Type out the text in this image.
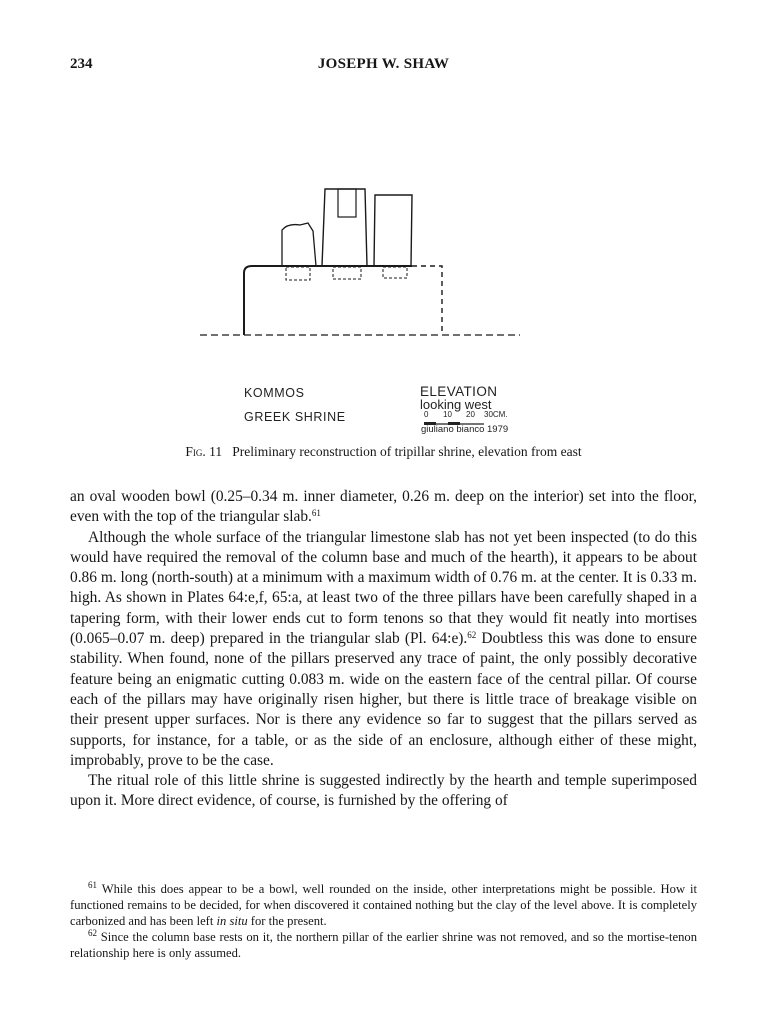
234	JOSEPH W. SHAW
KOMMOS
GREEK SHRINE
ELEVATION
looking west
0 10 20 30CM.
giuliano bianco 1979
Fig. 11 Preliminary reconstruction of tripillar shrine, elevation from east

an oval wooden bowl (0.25–0.34 m. inner diameter, 0.26 m. deep on the interior) set into the floor, even with the top of the triangular slab.$^{61}$

Although the whole surface of the triangular limestone slab has not yet been inspected (to do this would have required the removal of the column base and much of the hearth), it appears to be about 0.86 m. long (north-south) at a minimum with a maximum width of 0.76 m. at the center. It is 0.33 m. high. As shown in Plates 64:e,f, 65:a, at least two of the three pillars have been carefully shaped in a tapering form, with their lower ends cut to form tenons so that they would fit neatly into mortises (0.065–0.07 m. deep) prepared in the triangular slab (Pl. 64:e).$^{62}$ Doubtless this was done to ensure stability. When found, none of the pillars preserved any trace of paint, the only possibly decorative feature being an enigmatic cutting 0.083 m. wide on the eastern face of the central pillar. Of course each of the pillars may have originally risen higher, but there is little trace of breakage visible on their present upper surfaces. Nor is there any evidence so far to suggest that the pillars served as supports, for instance, for a table, or as the side of an enclosure, although either of these might, improbably, prove to be the case.

The ritual role of this little shrine is suggested indirectly by the hearth and temple superimposed upon it. More direct evidence, of course, is furnished by the offering of

$^{61}$ While this does appear to be a bowl, well rounded on the inside, other interpretations might be possible. How it functioned remains to be decided, for when discovered it contained nothing but the clay of the level above. It is completely carbonized and has been left in situ for the present.

$^{62}$ Since the column base rests on it, the northern pillar of the earlier shrine was not removed, and so the mortise-tenon relationship here is only assumed.
